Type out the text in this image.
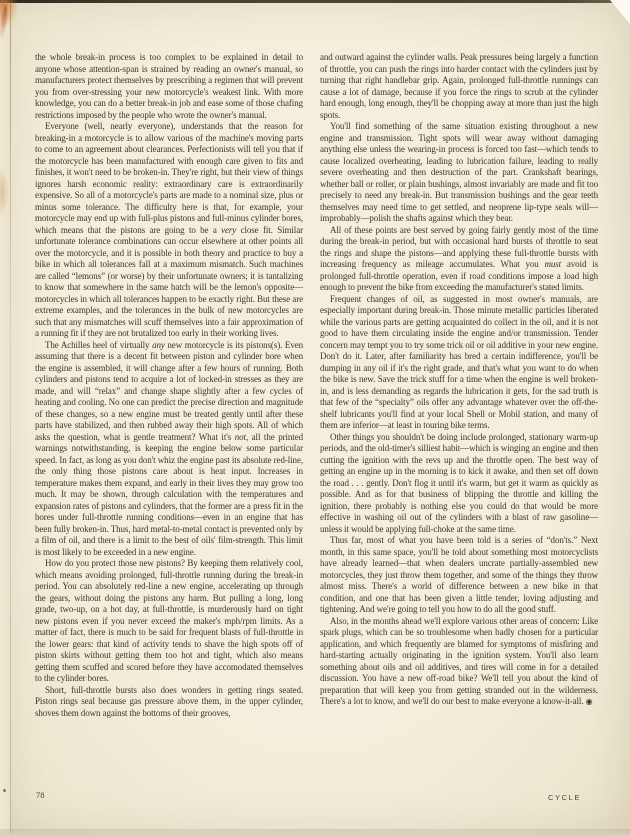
the whole break-in process is too complex to be explained in detail to anyone whose attention-span is strained by reading an owner's manual, so manufacturers protect themselves by prescribing a regimen that will prevent you from over-stressing your new motorcycle's weakest link. With more knowledge, you can do a better break-in job and ease some of those chafing restrictions imposed by the people who wrote the owner's manual.

Everyone (well, nearly everyone), understands that the reason for breaking-in a motorcycle is to allow various of the machine's moving parts to come to an agreement about clearances. Perfectionists will tell you that if the motorcycle has been manufactured with enough care given to fits and finishes, it won't need to be broken-in. They're right, but their view of things ignores harsh economic reality: extraordinary care is extraordinarily expensive. So all of a motorcycle's parts are made to a nominal size, plus or minus some tolerance. The difficulty here is that, for example, your motorcycle may end up with full-plus pistons and full-minus cylinder bores, which means that the pistons are going to be a very close fit. Similar unfortunate tolerance combinations can occur elsewhere at other points all over the motorcycle, and it is possible in both theory and practice to buy a bike in which all tolerances fall at a maximum mismatch. Such machines are called “lemons” (or worse) by their unfortunate owners; it is tantalizing to know that somewhere in the same batch will be the lemon's opposite—motorcycles in which all tolerances happen to be exactly right. But these are extreme examples, and the tolerances in the bulk of new motorcycles are such that any mismatches will scuff themselves into a fair approximation of a running fit if they are not brutalized too early in their working lives.

The Achilles heel of virtually any new motorcycle is its pistons(s). Even assuming that there is a decent fit between piston and cylinder bore when the engine is assembled, it will change after a few hours of running. Both cylinders and pistons tend to acquire a lot of locked-in stresses as they are made, and will “relax” and change shape slightly after a few cycles of heating and cooling. No one can predict the precise direction and magnitude of these changes, so a new engine must be treated gently until after these parts have stabilized, and then rubbed away their high spots. All of which asks the question, what is gentle treatment? What it's not, all the printed warnings notwithstanding, is keeping the engine below some particular speed. In fact, as long as you don't whiz the engine past its absolute red-line, the only thing those pistons care about is heat input. Increases in temperature makes them expand, and early in their lives they may grow too much. It may be shown, through calculation with the temperatures and expansion rates of pistons and cylinders, that the former are a press fit in the bores under full-throttle running conditions—even in an engine that has been fully broken-in. Thus, hard metal-to-metal contact is prevented only by a film of oil, and there is a limit to the best of oils' film-strength. This limit is most likely to be exceeded in a new engine.

How do you protect those new pistons? By keeping them relatively cool, which means avoiding prolonged, full-throttle running during the break-in period. You can absolutely red-line a new engine, accelerating up through the gears, without doing the pistons any harm. But pulling a long, long grade, two-up, on a hot day, at full-throttle, is murderously hard on tight new pistons even if you never exceed the maker's mph/rpm limits. As a matter of fact, there is much to be said for frequent blasts of full-throttle in the lower gears: that kind of activity tends to shave the high spots off of piston skirts without getting them too hot and tight, which also means getting them scuffed and scored before they have accomodated themselves to the cylinder bores.

Short, full-throttle bursts also does wonders in getting rings seated. Piston rings seal because gas pressure above them, in the upper cylinder, shoves them down against the bottoms of their grooves,

and outward against the cylinder walls. Peak pressures being largely a function of throttle, you can push the rings into harder contact with the cylinders just by turning that right handlebar grip. Again, prolonged full-throttle runnings can cause a lot of damage, because if you force the rings to scrub at the cylinder hard enough, long enough, they'll be chopping away at more than just the high spots.

You'll find something of the same situation existing throughout a new engine and transmission. Tight spots will wear away without damaging anything else unless the wearing-in process is forced too fast—which tends to cause localized overheating, leading to lubrication failure, leading to really severe overheating and then destruction of the part. Crankshaft bearings, whether ball or roller, or plain bushings, almost invariably are made and fit too precisely to need any break-in. But transmission bushings and the gear teeth themselves may need time to get settled, and neoprene lip-type seals will—improbably—polish the shafts against which they bear.

All of these points are best served by going fairly gently most of the time during the break-in period, but with occasional hard bursts of throttle to seat the rings and shape the pistons—and applying these full-throttle bursts with increasing frequency as mileage accumulates. What you must avoid is prolonged full-throttle operation, even if road conditions impose a load high enough to prevent the bike from exceeding the manufacturer's stated limits.

Frequent changes of oil, as suggested in most owner's manuals, are especially important during break-in. Those minute metallic particles liberated while the various parts are getting acquainted do collect in the oil, and it is not good to have them circulating inside the engine and/or transmission. Tender concern may tempt you to try some trick oil or oil additive in your new engine. Don't do it. Later, after familiarity has bred a certain indifference, you'll be dumping in any oil if it's the right grade, and that's what you want to do when the bike is new. Save the trick stuff for a time when the engine is well broken-in, and is less demanding as regards the lubrication it gets, for the sad truth is that few of the “specialty” oils offer any advantage whatever over the off-the-shelf lubricants you'll find at your local Shell or Mobil station, and many of them are inferior—at least in touring bike terms.

Other things you shouldn't be doing include prolonged, stationary warm-up periods, and the old-timer's silliest habit—which is winging an engine and then cutting the ignition with the revs up and the throttle open. The best way of getting an engine up in the morning is to kick it awake, and then set off down the road . . . gently. Don't flog it until it's warm, but get it warm as quickly as possible. And as for that business of blipping the throttle and killing the ignition, there probably is nothing else you could do that would be more effective in washing oil out of the cylinders with a blast of raw gasoline—unless it would be applying full-choke at the same time.

Thus far, most of what you have been told is a series of “don'ts.” Next month, in this same space, you'll be told about something most motorcyclists have already learned—that when dealers uncrate partially-assembled new motorcycles, they just throw them together, and some of the things they throw almost miss. There's a world of difference between a new bike in that condition, and one that has been given a little tender, loving adjusting and tightening. And we're going to tell you how to do all the good stuff.

Also, in the months ahead we'll explore various other areas of concern: Like spark plugs, which can be so troublesome when badly chosen for a particular application, and which frequently are blamed for symptoms of misfiring and hard-starting actually originating in the ignition system. You'll also learn something about oils and oil additives, and tires will come in for a detailed discussion. You have a new off-road bike? We'll tell you about the kind of preparation that will keep you from getting stranded out in the wilderness. There's a lot to know, and we'll do our best to make everyone a know-it-all. ◉

78	CYCLE
